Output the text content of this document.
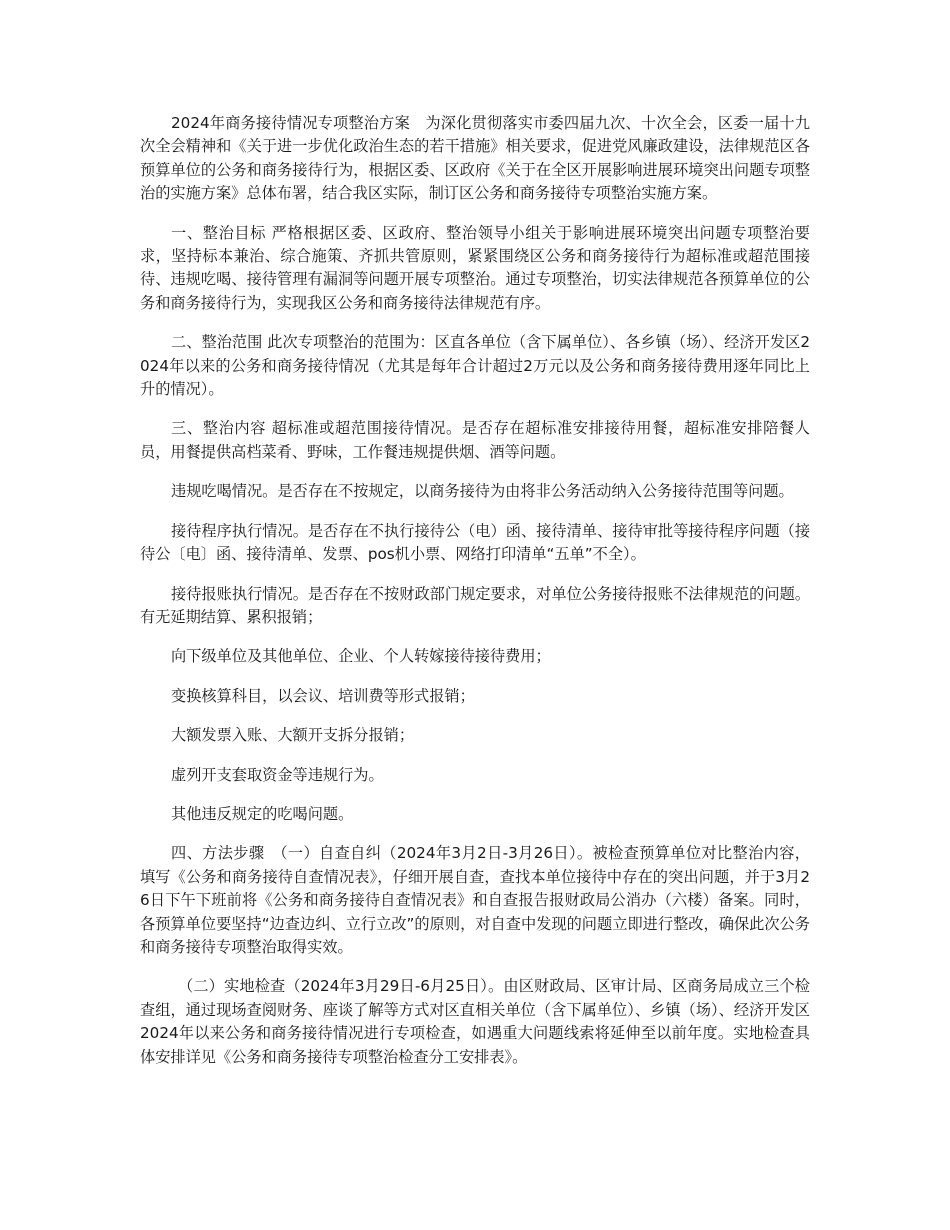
2024年商务接待情况专项整治方案　为深化贯彻落实市委四届九次、十次全会，区委一届十九次全会精神和《关于进一步优化政治生态的若干措施》相关要求，促进党风廉政建设，法律规范区各预算单位的公务和商务接待行为，根据区委、区政府《关于在全区开展影响进展环境突出问题专项整治的实施方案》总体布署，结合我区实际，制订区公务和商务接待专项整治实施方案。

一、整治目标 严格根据区委、区政府、整治领导小组关于影响进展环境突出问题专项整治要求，坚持标本兼治、综合施策、齐抓共管原则，紧紧围绕区公务和商务接待行为超标准或超范围接待、违规吃喝、接待管理有漏洞等问题开展专项整治。通过专项整治，切实法律规范各预算单位的公务和商务接待行为，实现我区公务和商务接待法律规范有序。

二、整治范围 此次专项整治的范围为：区直各单位（含下属单位）、各乡镇（场）、经济开发区2024年以来的公务和商务接待情况（尤其是每年合计超过2万元以及公务和商务接待费用逐年同比上升的情况）。

三、整治内容 超标准或超范围接待情况。是否存在超标准安排接待用餐，超标准安排陪餐人员，用餐提供高档菜肴、野味，工作餐违规提供烟、酒等问题。

违规吃喝情况。是否存在不按规定，以商务接待为由将非公务活动纳入公务接待范围等问题。

接待程序执行情况。是否存在不执行接待公（电）函、接待清单、接待审批等接待程序问题（接待公〔电〕函、接待清单、发票、pos机小票、网络打印清单“五单”不全）。

接待报账执行情况。是否存在不按财政部门规定要求，对单位公务接待报账不法律规范的问题。有无延期结算、累积报销；

向下级单位及其他单位、企业、个人转嫁接待接待费用；

变换核算科目，以会议、培训费等形式报销；

大额发票入账、大额开支拆分报销；

虚列开支套取资金等违规行为。

其他违反规定的吃喝问题。

四、方法步骤　（一）自查自纠（2024年3月2日-3月26日）。被检查预算单位对比整治内容，填写《公务和商务接待自查情况表》，仔细开展自查，查找本单位接待中存在的突出问题，并于3月26日下午下班前将《公务和商务接待自查情况表》和自查报告报财政局公消办（六楼）备案。同时，各预算单位要坚持“边查边纠、立行立改”的原则，对自查中发现的问题立即进行整改，确保此次公务和商务接待专项整治取得实效。

（二）实地检查（2024年3月29日-6月25日）。由区财政局、区审计局、区商务局成立三个检查组，通过现场查阅财务、座谈了解等方式对区直相关单位（含下属单位）、乡镇（场）、经济开发区2024年以来公务和商务接待情况进行专项检查，如遇重大问题线索将延伸至以前年度。实地检查具体安排详见《公务和商务接待专项整治检查分工安排表》。
